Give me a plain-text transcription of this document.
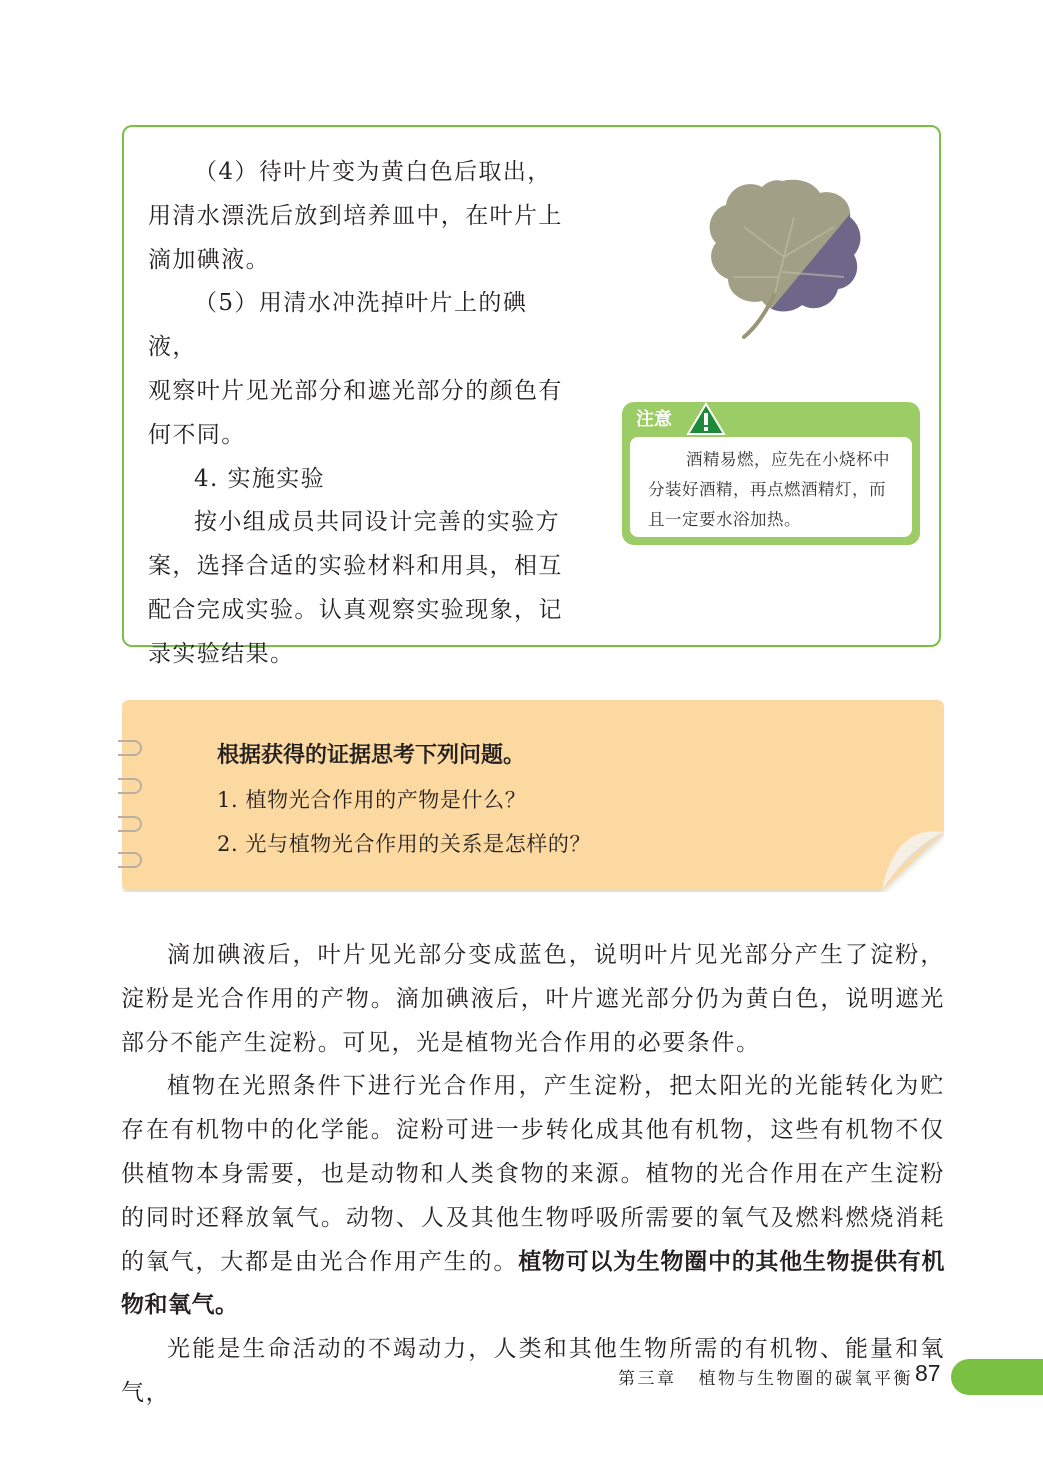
（4）待叶片变为黄白色后取出，

用清水漂洗后放到培养皿中，在叶片上

滴加碘液。

（5）用清水冲洗掉叶片上的碘液，

观察叶片见光部分和遮光部分的颜色有

何不同。

4. 实施实验

按小组成员共同设计完善的实验方

案，选择合适的实验材料和用具，相互

配合完成实验。认真观察实验现象，记

录实验结果。

注意

酒精易燃，应先在小烧杯中分装好酒精，再点燃酒精灯，而且一定要水浴加热。

根据获得的证据思考下列问题。
1. 植物光合作用的产物是什么？
2. 光与植物光合作用的关系是怎样的？

滴加碘液后，叶片见光部分变成蓝色，说明叶片见光部分产生了淀粉，淀粉是光合作用的产物。滴加碘液后，叶片遮光部分仍为黄白色，说明遮光部分不能产生淀粉。可见，光是植物光合作用的必要条件。

植物在光照条件下进行光合作用，产生淀粉，把太阳光的光能转化为贮存在有机物中的化学能。淀粉可进一步转化成其他有机物，这些有机物不仅供植物本身需要，也是动物和人类食物的来源。植物的光合作用在产生淀粉的同时还释放氧气。动物、人及其他生物呼吸所需要的氧气及燃料燃烧消耗的氧气，大都是由光合作用产生的。植物可以为生物圈中的其他生物提供有机物和氧气。

光能是生命活动的不竭动力，人类和其他生物所需的有机物、能量和氧气，

第三章 植物与生物圈的碳氧平衡 87
